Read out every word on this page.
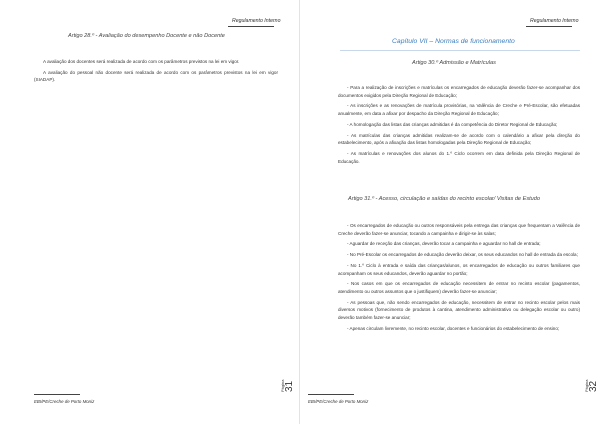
Regulamento Interno
Artigo 28.º - Avaliação do desempenho Docente e não Docente

A avaliação dos docentes será realizada de acordo com os parâmetros previstos na lei em vigor.

A avaliação do pessoal não docente será realizada de acordo com os parâmetros previstos na lei em vigor (SIADAP).

Página 31
EBI/PE/Creche de Porto Moniz
Regulamento Interno
Capítulo VII – Normas de funcionamento
Artigo 30.º Admissão e Matrículas

- Para a realização de inscrições e matrículas os encarregados de educação deverão fazer-se acompanhar dos documentos exigidos pela Direção Regional de Educação;

- As inscrições e as renovações de matrícula provisórias, na Valência de Creche e Pré-Escolar, são efetuadas anualmente, em data a afixar por despacho da Direção Regional de Educação;

- A homologação das listas das crianças admitidas é da competência do Diretor Regional de Educação;

- As matrículas das crianças admitidas realizam-se de acordo com o calendário a afixar pela direção do estabelecimento, após a afixação das listas homologadas pela Direção Regional de Educação;

- As matrículas e renovações dos alunos do 1.º Ciclo ocorrem em data definida pela Direção Regional de Educação.

Artigo 31.º - Acesso, circulação e saídas do recinto escolar/ Visitas de Estudo

- Os encarregados de educação ou outros responsáveis pela entrega das crianças que frequentam a Valência de Creche deverão fazer-se anunciar, tocando a campainha e dirigir-se às salas;

- Aguardar de receção das crianças, deverão tocar a campainha e aguardar no hall de entrada;

- No Pré-Escolar os encarregados de educação deverão deixar, os seus educandos no hall de entrada da escola;

- No 1.º Ciclo à entrada e saída das crianças/alunos, os encarregados de educação ou outros familiares que acompanham os seus educandos, deverão aguardar no portão;

- Nos casos em que os encarregados de educação necessitem de entrar no recinto escolar (pagamentos, atendimento ou outros assuntos que o justifiquem) deverão fazer-se anunciar;

- As pessoas que, não sendo encarregados de educação, necessitem de entrar no recinto escolar pelos mais diversos motivos (fornecimento de produtos à cantina, atendimento administrativo ou delegação escolar ou outro) deverão também fazer-se anunciar;

- Apenas circulam livremente, no recinto escolar, docentes e funcionários do estabelecimento de ensino;

Página 32
EBI/PE/Creche de Porto Moniz
